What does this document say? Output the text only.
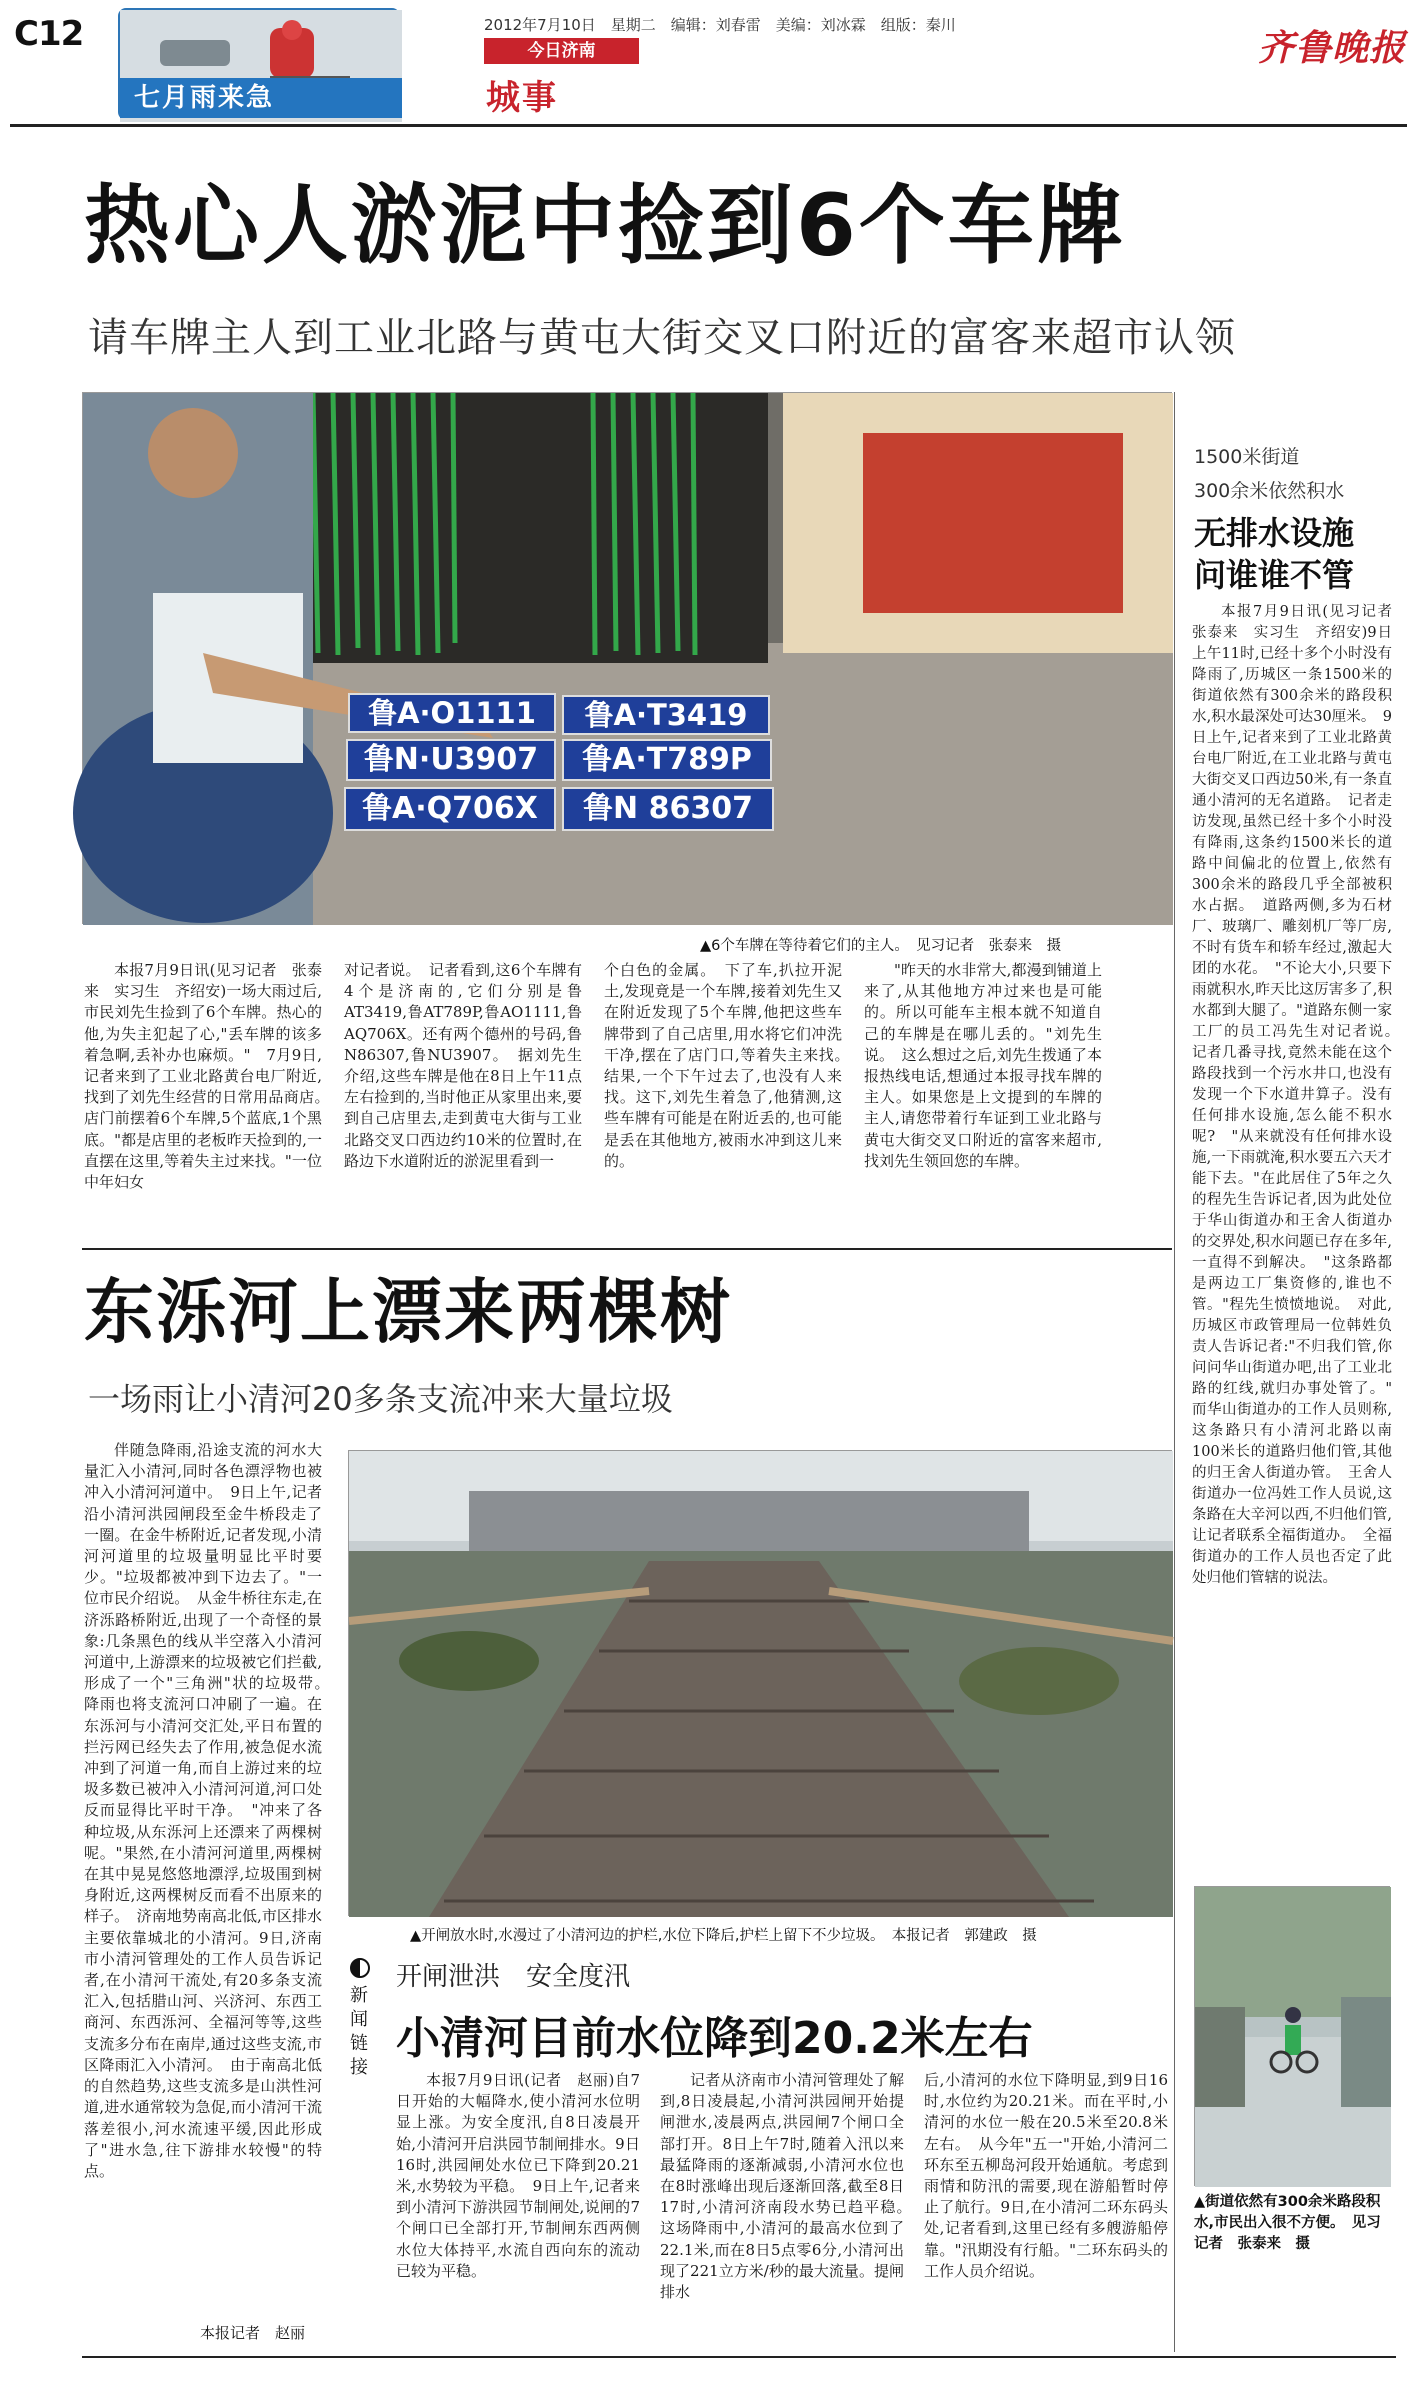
C12
七月雨来急
2012年7月10日　星期二　编辑：刘春雷　美编：刘冰霖　组版：秦川
今日济南
城事
齐鲁晚报
热心人淤泥中捡到6个车牌
请车牌主人到工业北路与黄屯大街交叉口附近的富客来超市认领
鲁A·O1111	鲁A·T3419
鲁N·U3907	鲁A·T789P
鲁A·Q706X	鲁N 86307
▲6个车牌在等待着它们的主人。　见习记者　张泰来　摄

本报7月9日讯(见习记者　张泰来　实习生　齐绍安)一场大雨过后,市民刘先生捡到了6个车牌。热心的他,为失主犯起了心,"丢车牌的该多着急啊,丢补办也麻烦。"　7月9日,记者来到了工业北路黄台电厂附近,找到了刘先生经营的日常用品商店。　店门前摆着6个车牌,5个蓝底,1个黑底。"都是店里的老板昨天捡到的,一直摆在这里,等着失主过来找。"一位中年妇女

对记者说。　记者看到,这6个车牌有4个是济南的,它们分别是鲁AT3419,鲁AT789P,鲁AO1111,鲁AQ706X。还有两个德州的号码,鲁N86307,鲁NU3907。　据刘先生介绍,这些车牌是他在8日上午11点左右捡到的,当时他正从家里出来,要到自己店里去,走到黄屯大街与工业北路交叉口西边约10米的位置时,在路边下水道附近的淤泥里看到一

个白色的金属。　下了车,扒拉开泥土,发现竟是一个车牌,接着刘先生又在附近发现了5个车牌,他把这些车牌带到了自己店里,用水将它们冲洗干净,摆在了店门口,等着失主来找。　结果,一个下午过去了,也没有人来找。这下,刘先生着急了,他猜测,这些车牌有可能是在附近丢的,也可能是丢在其他地方,被雨水冲到这儿来的。

"昨天的水非常大,都漫到铺道上来了,从其他地方冲过来也是可能的。所以可能车主根本就不知道自己的车牌是在哪儿丢的。"刘先生说。　这么想过之后,刘先生拨通了本报热线电话,想通过本报寻找车牌的主人。如果您是上文提到的车牌的主人,请您带着行车证到工业北路与黄屯大街交叉口附近的富客来超市,找刘先生领回您的车牌。

1500米街道
300余米依然积水
无排水设施
问谁谁不管

本报7月9日讯(见习记者　张泰来　实习生　齐绍安)9日上午11时,已经十多个小时没有降雨了,历城区一条1500米的街道依然有300余米的路段积水,积水最深处可达30厘米。　9日上午,记者来到了工业北路黄台电厂附近,在工业北路与黄屯大街交叉口西边50米,有一条直通小清河的无名道路。　记者走访发现,虽然已经十多个小时没有降雨,这条约1500米长的道路中间偏北的位置上,依然有300余米的路段几乎全部被积水占据。　道路两侧,多为石材厂、玻璃厂、雕刻机厂等厂房,不时有货车和轿车经过,激起大团的水花。　"不论大小,只要下雨就积水,昨天比这厉害多了,积水都到大腿了。"道路东侧一家工厂的员工冯先生对记者说。　记者几番寻找,竟然未能在这个路段找到一个污水井口,也没有发现一个下水道井算子。没有任何排水设施,怎么能不积水呢?　"从来就没有任何排水设施,一下雨就淹,积水要五六天才能下去。"在此居住了5年之久的程先生告诉记者,因为此处位于华山街道办和王舍人街道办的交界处,积水问题已存在多年,一直得不到解决。　"这条路都是两边工厂集资修的,谁也不管。"程先生愤愤地说。　对此,历城区市政管理局一位韩姓负责人告诉记者:"不归我们管,你问问华山街道办吧,出了工业北路的红线,就归办事处管了。"　而华山街道办的工作人员则称,这条路只有小清河北路以南100米长的道路归他们管,其他的归王舍人街道办管。　王舍人街道办一位冯姓工作人员说,这条路在大辛河以西,不归他们管,让记者联系全福街道办。　全福街道办的工作人员也否定了此处归他们管辖的说法。

▲街道依然有300余米路段积水,市民出入很不方便。　见习记者　张泰来　摄
东泺河上漂来两棵树
一场雨让小清河20多条支流冲来大量垃圾

伴随急降雨,沿途支流的河水大量汇入小清河,同时各色漂浮物也被冲入小清河河道中。　9日上午,记者沿小清河洪园闸段至金牛桥段走了一圈。在金牛桥附近,记者发现,小清河河道里的垃圾量明显比平时要少。"垃圾都被冲到下边去了。"一位市民介绍说。　从金牛桥往东走,在济泺路桥附近,出现了一个奇怪的景象:几条黑色的线从半空落入小清河河道中,上游漂来的垃圾被它们拦截,形成了一个"三角洲"状的垃圾带。　降雨也将支流河口冲刷了一遍。在东泺河与小清河交汇处,平日布置的拦污网已经失去了作用,被急促水流冲到了河道一角,而自上游过来的垃圾多数已被冲入小清河河道,河口处反而显得比平时干净。　"冲来了各种垃圾,从东泺河上还漂来了两棵树呢。"果然,在小清河河道里,两棵树在其中晃晃悠悠地漂浮,垃圾围到树身附近,这两棵树反而看不出原来的样子。　济南地势南高北低,市区排水主要依靠城北的小清河。9日,济南市小清河管理处的工作人员告诉记者,在小清河干流处,有20多条支流汇入,包括腊山河、兴济河、东西工商河、东西泺河、全福河等等,这些支流多分布在南岸,通过这些支流,市区降雨汇入小清河。　由于南高北低的自然趋势,这些支流多是山洪性河道,进水通常较为急促,而小清河干流落差很小,河水流速平缓,因此形成了"进水急,往下游排水较慢"的特点。

本报记者　赵丽
▲开闸放水时,水漫过了小清河边的护栏,水位下降后,护栏上留下不少垃圾。　本报记者　郭建政　摄
新闻链接
开闸泄洪　安全度汛
小清河目前水位降到20.2米左右

本报7月9日讯(记者　赵丽)自7日开始的大幅降水,使小清河水位明显上涨。为安全度汛,自8日凌晨开始,小清河开启洪园节制闸排水。9日16时,洪园闸处水位已下降到20.21米,水势较为平稳。　9日上午,记者来到小清河下游洪园节制闸处,说闸的7个闸口已全部打开,节制闸东西两侧水位大体持平,水流自西向东的流动已较为平稳。

记者从济南市小清河管理处了解到,8日凌晨起,小清河洪园闸开始提闸泄水,凌晨两点,洪园闸7个闸口全部打开。8日上午7时,随着入汛以来最猛降雨的逐渐减弱,小清河水位也在8时涨峰出现后逐渐回落,截至8日17时,小清河济南段水势已趋平稳。　这场降雨中,小清河的最高水位到了22.1米,而在8日5点零6分,小清河出现了221立方米/秒的最大流量。提闸排水

后,小清河的水位下降明显,到9日16时,水位约为20.21米。而在平时,小清河的水位一般在20.5米至20.8米左右。　从今年"五一"开始,小清河二环东至五柳岛河段开始通航。考虑到雨情和防汛的需要,现在游船暂时停止了航行。9日,在小清河二环东码头处,记者看到,这里已经有多艘游船停靠。"汛期没有行船。"二环东码头的工作人员介绍说。
